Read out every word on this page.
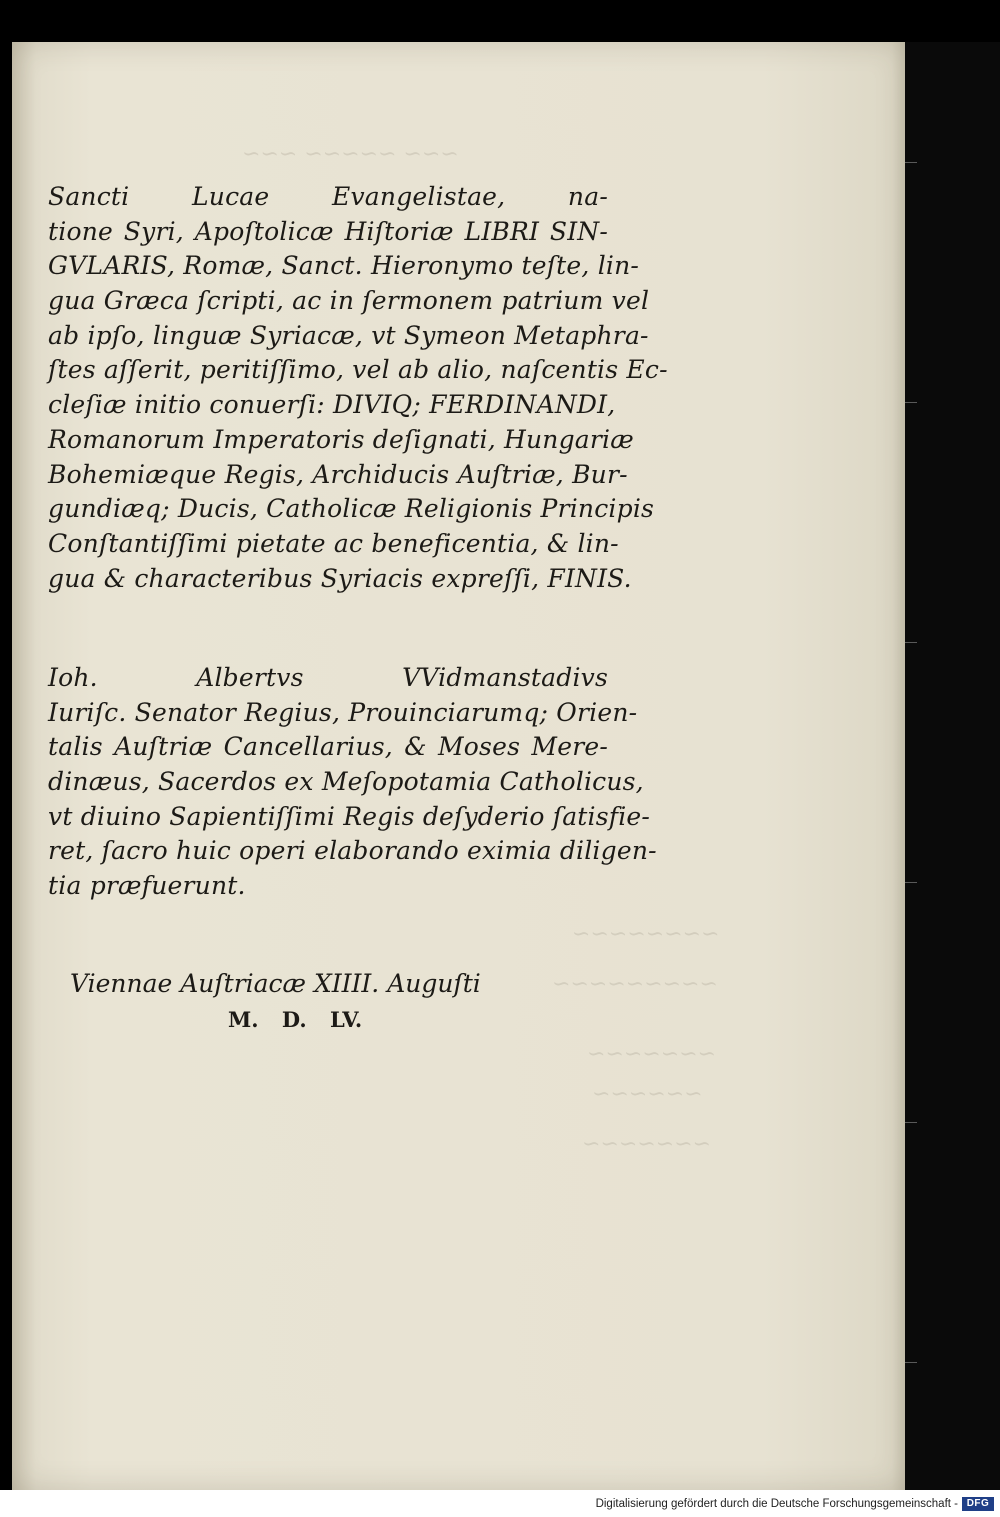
~~~ ~~~~~ ~~~
~~~~~~~~
~~~~~~~~~
~~~~~~~
~~~~~~
~~~~~~~
Sancti Lucae Evangelistae, na-
tione Syri, Apoſtolicæ Hiſtoriæ LIBRI SIN-
GVLARIS, Romæ, Sanct. Hieronymo teſte, lin-
gua Græca ſcripti, ac in ſermonem patrium vel
ab ipſo, linguæ Syriacæ, vt Symeon Metaphra-
ſtes aſſerit, peritiſſimo, vel ab alio, naſcentis Ec-
cleſiæ initio conuerſi: DIVIQ; FERDINANDI,
Romanorum Imperatoris deſignati, Hungariæ
Bohemiæque Regis, Archiducis Auſtriæ, Bur-
gundiæq; Ducis, Catholicæ Religionis Principis
Conſtantiſſimi pietate ac beneficentia, & lin-
gua & characteribus Syriacis expreſſi, FINIS.
Ioh. Albertvs VVidmanstadivs
Iuriſc. Senator Regius, Prouinciarumq; Orien-
talis Auſtriæ Cancellarius, & Moses Mere-
dinæus, Sacerdos ex Meſopotamia Catholicus,
vt diuino Sapientiſſimi Regis deſyderio ſatisfie-
ret, ſacro huic operi elaborando eximia diligen-
tia præfuerunt.
Viennae Auſtriacæ XIIII. Auguſti
M. D. LV.
Digitalisierung gefördert durch die Deutsche Forschungsgemeinschaft - DFG
